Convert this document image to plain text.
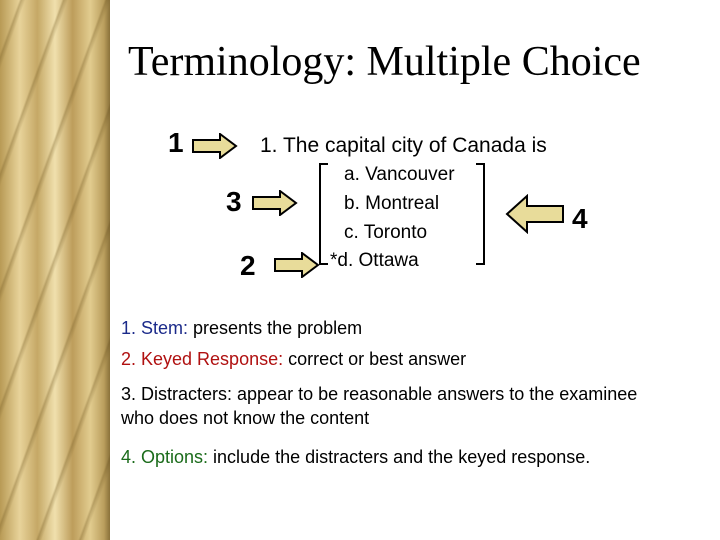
Terminology: Multiple Choice
1	1. The capital city of Canada is
3
2
a. Vancouver
b. Montreal
c. Toronto
*d. Ottawa
4
1. Stem: presents the problem
2. Keyed Response: correct or best answer
3. Distracters: appear to be reasonable answers to the examinee who does not know the content
4. Options: include the distracters and the keyed response.
